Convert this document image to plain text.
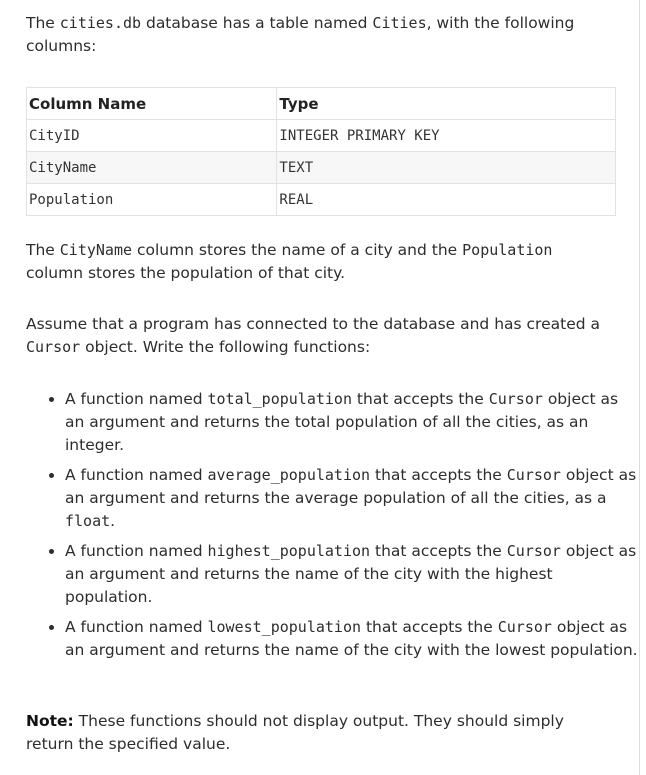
The cities.db database has a table named Cities, with the following columns:

Column Name	Type
CityID	INTEGER PRIMARY KEY
CityName	TEXT
Population	REAL

The CityName column stores the name of a city and the Population column stores the population of that city.

Assume that a program has connected to the database and has created a Cursor object. Write the following functions:

• A function named total_population that accepts the Cursor object as an argument and returns the total population of all the cities, as an integer.
• A function named average_population that accepts the Cursor object as an argument and returns the average population of all the cities, as a float.
• A function named highest_population that accepts the Cursor object as an argument and returns the name of the city with the highest population.
• A function named lowest_population that accepts the Cursor object as an argument and returns the name of the city with the lowest population.

Note: These functions should not display output. They should simply return the specified value.
